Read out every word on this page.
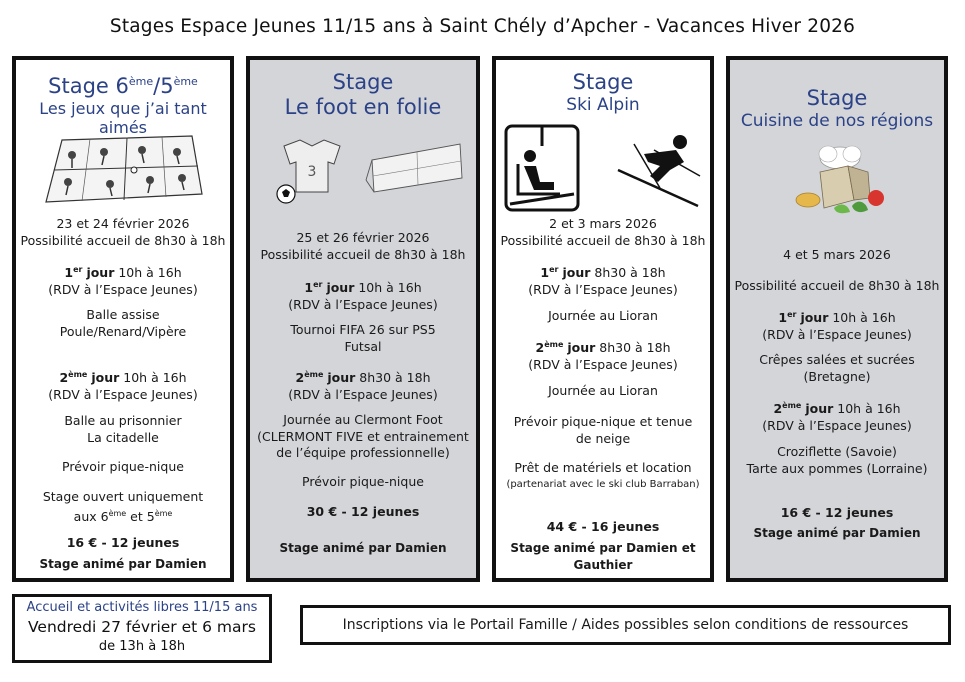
Stages Espace Jeunes 11/15 ans à Saint Chély d’Apcher - Vacances Hiver 2026
Stage 6ème/5ème
Les jeux que j’ai tant aimés
23 et 24 février 2026
Possibilité accueil de 8h30 à 18h
1er jour 10h à 16h
(RDV à l’Espace Jeunes)
Balle assise
Poule/Renard/Vipère
2ème jour 10h à 16h
(RDV à l’Espace Jeunes)
Balle au prisonnier
La citadelle
Prévoir pique-nique
Stage ouvert uniquement
aux 6ème et 5ème
16 € - 12 jeunes
Stage animé par Damien
Stage
Le foot en folie
3
25 et 26 février 2026
Possibilité accueil de 8h30 à 18h
1er jour 10h à 16h
(RDV à l’Espace Jeunes)
Tournoi FIFA 26 sur PS5
Futsal
2ème jour 8h30 à 18h
(RDV à l’Espace Jeunes)
Journée au Clermont Foot
(CLERMONT FIVE et entrainement
de l’équipe professionnelle)
Prévoir pique-nique
30 € - 12 jeunes
Stage animé par Damien
Stage
Ski Alpin
2 et 3 mars 2026
Possibilité accueil de 8h30 à 18h
1er jour 8h30 à 18h
(RDV à l’Espace Jeunes)
Journée au Lioran
2ème jour 8h30 à 18h
(RDV à l’Espace Jeunes)
Journée au Lioran
Prévoir pique-nique et tenue
de neige
Prêt de matériels et location
(partenariat avec le ski club Barraban)
44 € - 16 jeunes
Stage animé par Damien et
Gauthier
Stage
Cuisine de nos régions
4 et 5 mars 2026
Possibilité accueil de 8h30 à 18h
1er jour 10h à 16h
(RDV à l’Espace Jeunes)
Crêpes salées et sucrées
(Bretagne)
2ème jour 10h à 16h
(RDV à l’Espace Jeunes)
Croziflette (Savoie)
Tarte aux pommes (Lorraine)
16 € - 12 jeunes
Stage animé par Damien
Accueil et activités libres 11/15 ans
Vendredi 27 février et 6 mars
de 13h à 18h
Inscriptions via le Portail Famille / Aides possibles selon conditions de ressources
